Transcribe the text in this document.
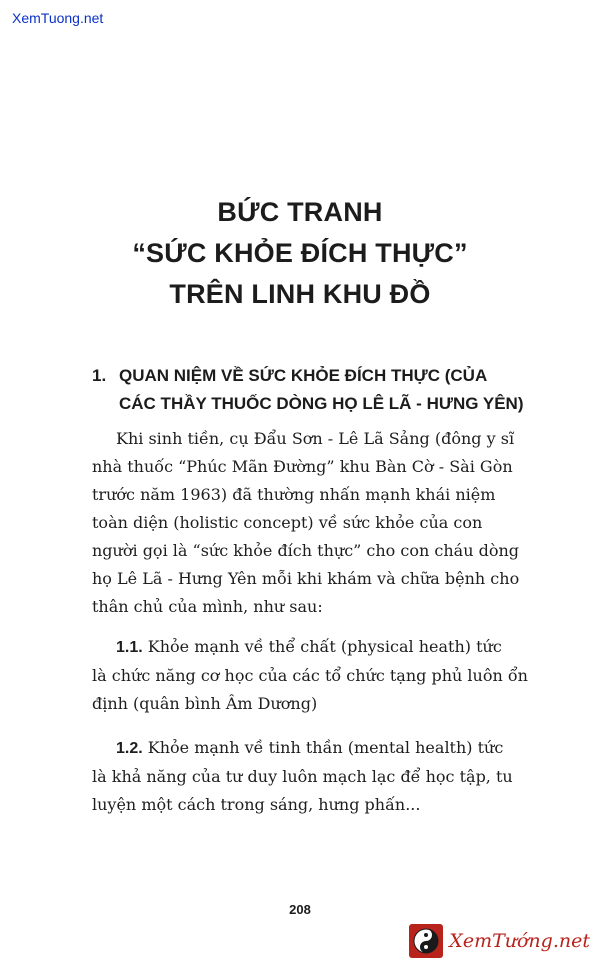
XemTuong.net
BỨC TRANH
“SỨC KHỎE ĐÍCH THỰC”
TRÊN LINH KHU ĐỒ
1. QUAN NIỆM VỀ SỨC KHỎE ĐÍCH THỰC (CỦA
CÁC THẦY THUỐC DÒNG HỌ LÊ LÃ - HƯNG YÊN)
Khi sinh tiền, cụ Đẩu Sơn - Lê Lã Sảng (đông y sĩ
nhà thuốc “Phúc Mãn Đường” khu Bàn Cờ - Sài Gòn
trước năm 1963) đã thường nhấn mạnh khái niệm
toàn diện (holistic concept) về sức khỏe của con
người gọi là “sức khỏe đích thực” cho con cháu dòng
họ Lê Lã - Hưng Yên mỗi khi khám và chữa bệnh cho
thân chủ của mình, như sau:
1.1. Khỏe mạnh về thể chất (physical heath) tức
là chức năng cơ học của các tổ chức tạng phủ luôn ổn
định (quân bình Âm Dương)
1.2. Khỏe mạnh về tinh thần (mental health) tức
là khả năng của tư duy luôn mạch lạc để học tập, tu
luyện một cách trong sáng, hưng phấn...
208
XemTướng.net
